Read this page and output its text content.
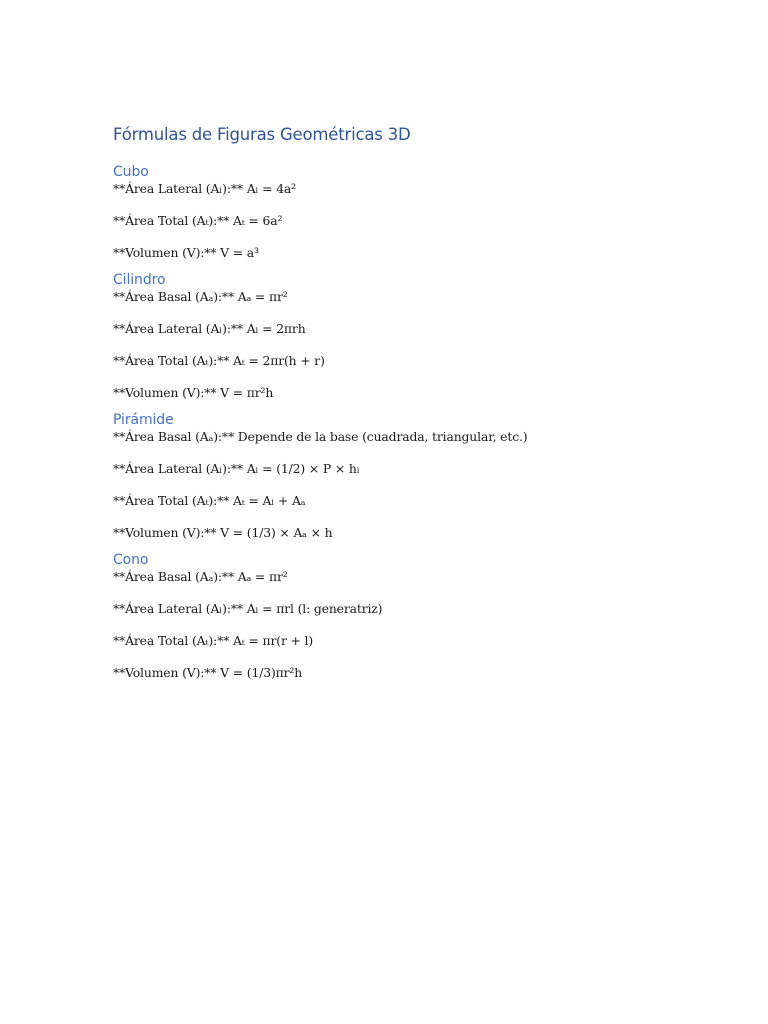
Fórmulas de Figuras Geométricas 3D
Cubo

**Área Lateral (Aₗ):** Aₗ = 4a²

**Área Total (Aₜ):** Aₜ = 6a²

**Volumen (V):** V = a³

Cilindro

**Área Basal (Aₐ):** Aₐ = πr²

**Área Lateral (Aₗ):** Aₗ = 2πrh

**Área Total (Aₜ):** Aₜ = 2πr(h + r)

**Volumen (V):** V = πr²h

Pirámide

**Área Basal (Aₐ):** Depende de la base (cuadrada, triangular, etc.)

**Área Lateral (Aₗ):** Aₗ = (1/2) × P × hₗ

**Área Total (Aₜ):** Aₜ = Aₗ + Aₐ

**Volumen (V):** V = (1/3) × Aₐ × h

Cono

**Área Basal (Aₐ):** Aₐ = πr²

**Área Lateral (Aₗ):** Aₗ = πrl (l: generatriz)

**Área Total (Aₜ):** Aₜ = πr(r + l)

**Volumen (V):** V = (1/3)πr²h
